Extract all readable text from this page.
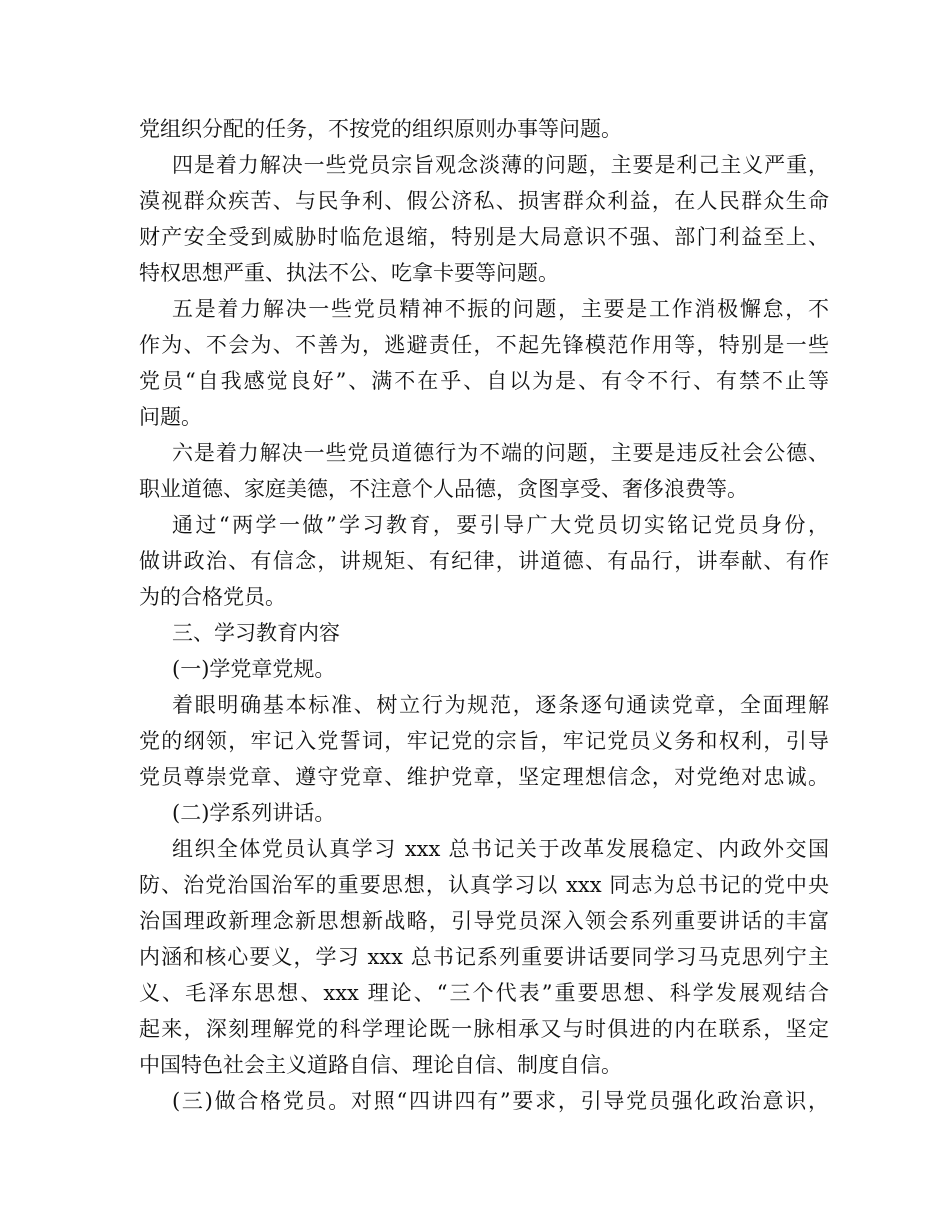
党组织分配的任务，不按党的组织原则办事等问题。
四是着力解决一些党员宗旨观念淡薄的问题，主要是利己主义严重，
漠视群众疾苦、与民争利、假公济私、损害群众利益，在人民群众生命
财产安全受到威胁时临危退缩，特别是大局意识不强、部门利益至上、
特权思想严重、执法不公、吃拿卡要等问题。
五是着力解决一些党员精神不振的问题，主要是工作消极懈怠，不
作为、不会为、不善为，逃避责任，不起先锋模范作用等，特别是一些
党员“自我感觉良好”、满不在乎、自以为是、有令不行、有禁不止等
问题。
六是着力解决一些党员道德行为不端的问题，主要是违反社会公德、
职业道德、家庭美德，不注意个人品德，贪图享受、奢侈浪费等。
通过“两学一做”学习教育，要引导广大党员切实铭记党员身份，
做讲政治、有信念，讲规矩、有纪律，讲道德、有品行，讲奉献、有作
为的合格党员。
三、学习教育内容
(一)学党章党规。
着眼明确基本标准、树立行为规范，逐条逐句通读党章，全面理解
党的纲领，牢记入党誓词，牢记党的宗旨，牢记党员义务和权利，引导
党员尊崇党章、遵守党章、维护党章，坚定理想信念，对党绝对忠诚。
(二)学系列讲话。
组织全体党员认真学习 xxx 总书记关于改革发展稳定、内政外交国
防、治党治国治军的重要思想，认真学习以 xxx 同志为总书记的党中央
治国理政新理念新思想新战略，引导党员深入领会系列重要讲话的丰富
内涵和核心要义，学习 xxx 总书记系列重要讲话要同学习马克思列宁主
义、毛泽东思想、xxx 理论、“三个代表”重要思想、科学发展观结合
起来，深刻理解党的科学理论既一脉相承又与时俱进的内在联系，坚定
中国特色社会主义道路自信、理论自信、制度自信。
(三)做合格党员。对照“四讲四有”要求，引导党员强化政治意识，
